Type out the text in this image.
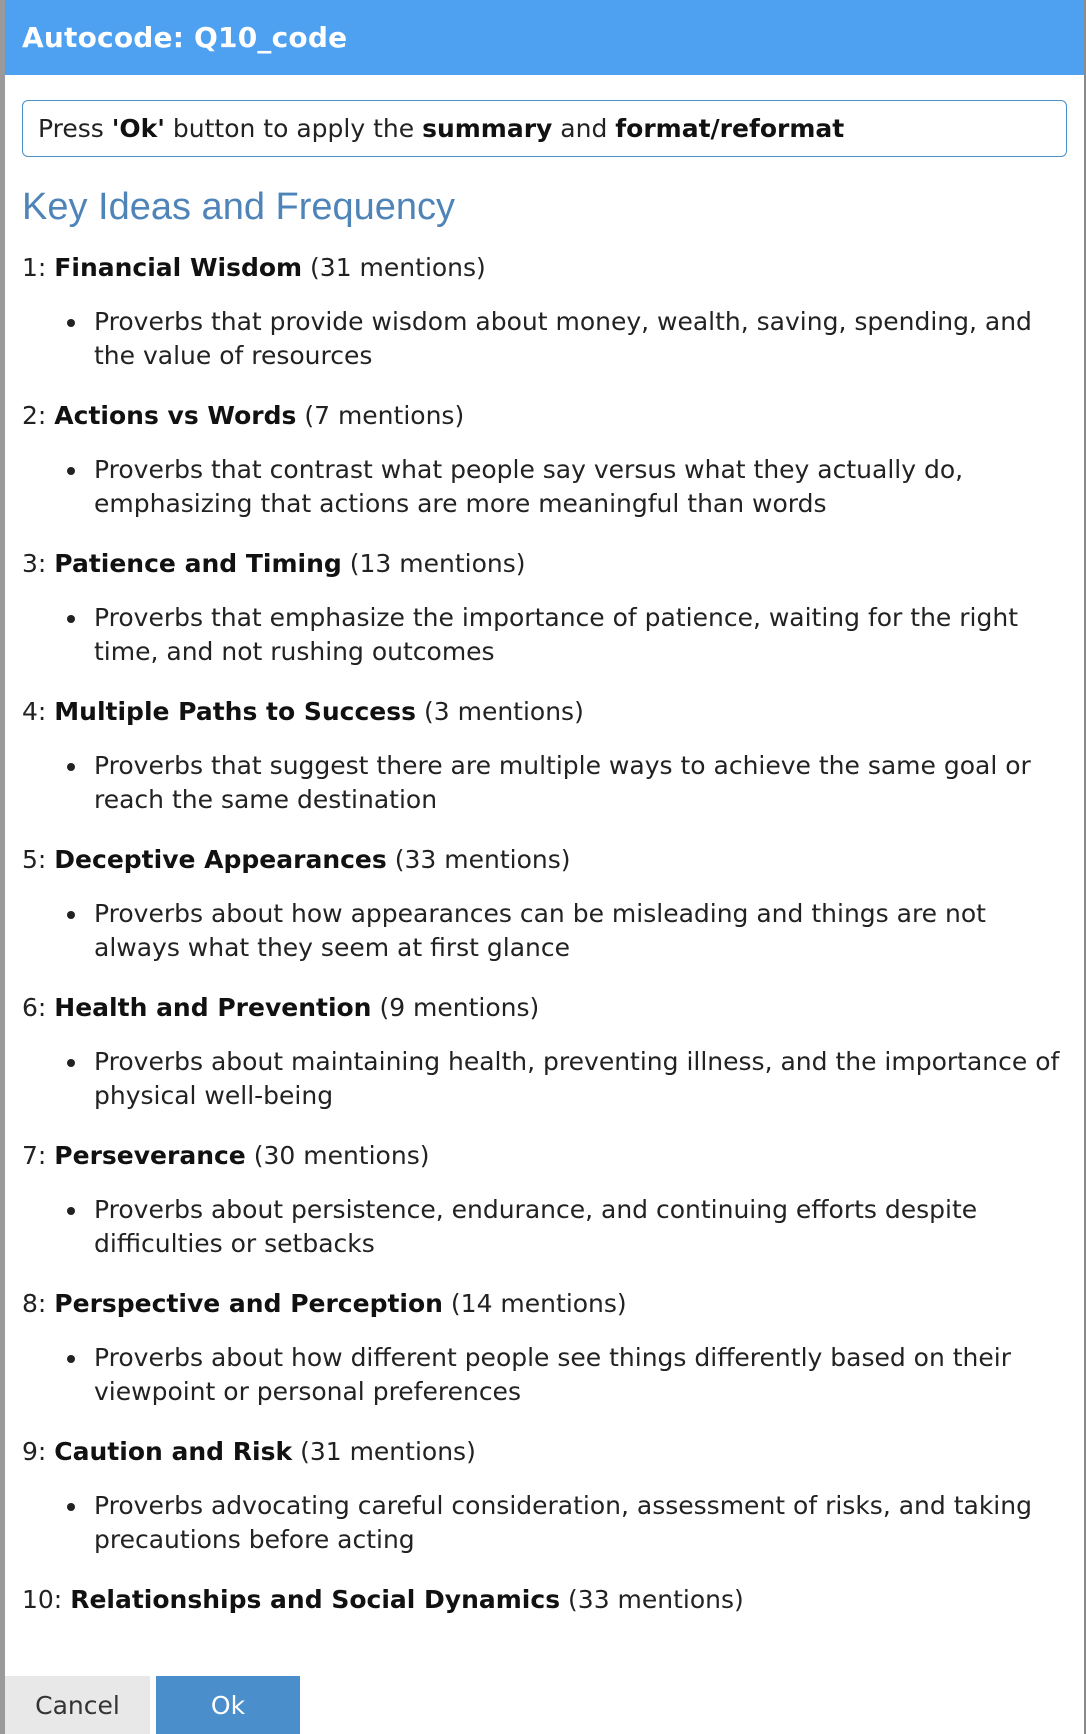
Autocode: Q10_code
Press 'Ok' button to apply the summary and format/reformat
Key Ideas and Frequency
1: Financial Wisdom (31 mentions)
Proverbs that provide wisdom about money, wealth, saving, spending, and the value of resources
2: Actions vs Words (7 mentions)
Proverbs that contrast what people say versus what they actually do, emphasizing that actions are more meaningful than words
3: Patience and Timing (13 mentions)
Proverbs that emphasize the importance of patience, waiting for the right time, and not rushing outcomes
4: Multiple Paths to Success (3 mentions)
Proverbs that suggest there are multiple ways to achieve the same goal or reach the same destination
5: Deceptive Appearances (33 mentions)
Proverbs about how appearances can be misleading and things are not always what they seem at first glance
6: Health and Prevention (9 mentions)
Proverbs about maintaining health, preventing illness, and the importance of physical well-being
7: Perseverance (30 mentions)
Proverbs about persistence, endurance, and continuing efforts despite difficulties or setbacks
8: Perspective and Perception (14 mentions)
Proverbs about how different people see things differently based on their viewpoint or personal preferences
9: Caution and Risk (31 mentions)
Proverbs advocating careful consideration, assessment of risks, and taking precautions before acting
10: Relationships and Social Dynamics (33 mentions)
Cancel	Ok
